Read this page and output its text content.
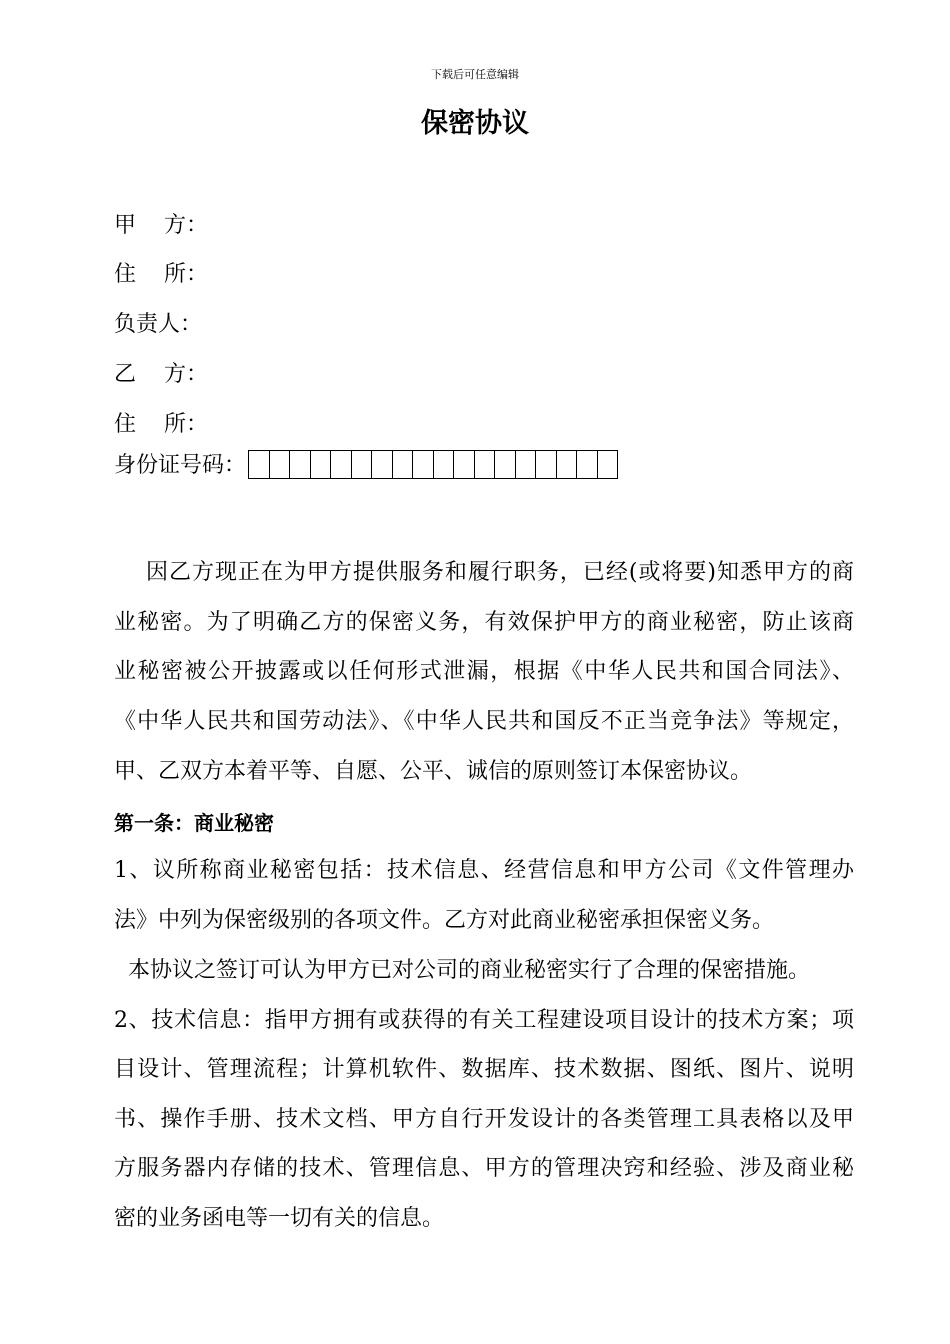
下载后可任意编辑
保密协议
甲    方：
住    所：
负责人：
乙    方：
住    所：
身份证号码：
因乙方现正在为甲方提供服务和履行职务，已经(或将要)知悉甲方的商
业秘密。为了明确乙方的保密义务，有效保护甲方的商业秘密，防止该商
业秘密被公开披露或以任何形式泄漏，根据《中华人民共和国合同法》、
《中华人民共和国劳动法》、《中华人民共和国反不正当竞争法》等规定，
甲、乙双方本着平等、自愿、公平、诚信的原则签订本保密协议。
第一条：商业秘密
1、议所称商业秘密包括：技术信息、经营信息和甲方公司《文件管理办
法》中列为保密级别的各项文件。乙方对此商业秘密承担保密义务。
本协议之签订可认为甲方已对公司的商业秘密实行了合理的保密措施。
2、技术信息：指甲方拥有或获得的有关工程建设项目设计的技术方案；项
目设计、管理流程；计算机软件、数据库、技术数据、图纸、图片、说明
书、操作手册、技术文档、甲方自行开发设计的各类管理工具表格以及甲
方服务器内存储的技术、管理信息、甲方的管理决窍和经验、涉及商业秘
密的业务函电等一切有关的信息。
